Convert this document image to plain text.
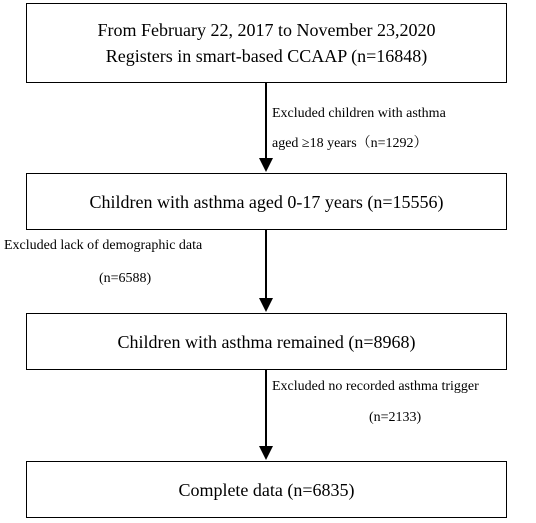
From February 22, 2017 to November 23,2020
Registers in smart-based CCAAP (n=16848)
Excluded children with asthma
aged ≥18 years（n=1292）
Children with asthma aged 0-17 years (n=15556)
Excluded lack of demographic data
(n=6588)
Children with asthma remained (n=8968)
Excluded no recorded asthma trigger
(n=2133)
Complete data (n=6835)
